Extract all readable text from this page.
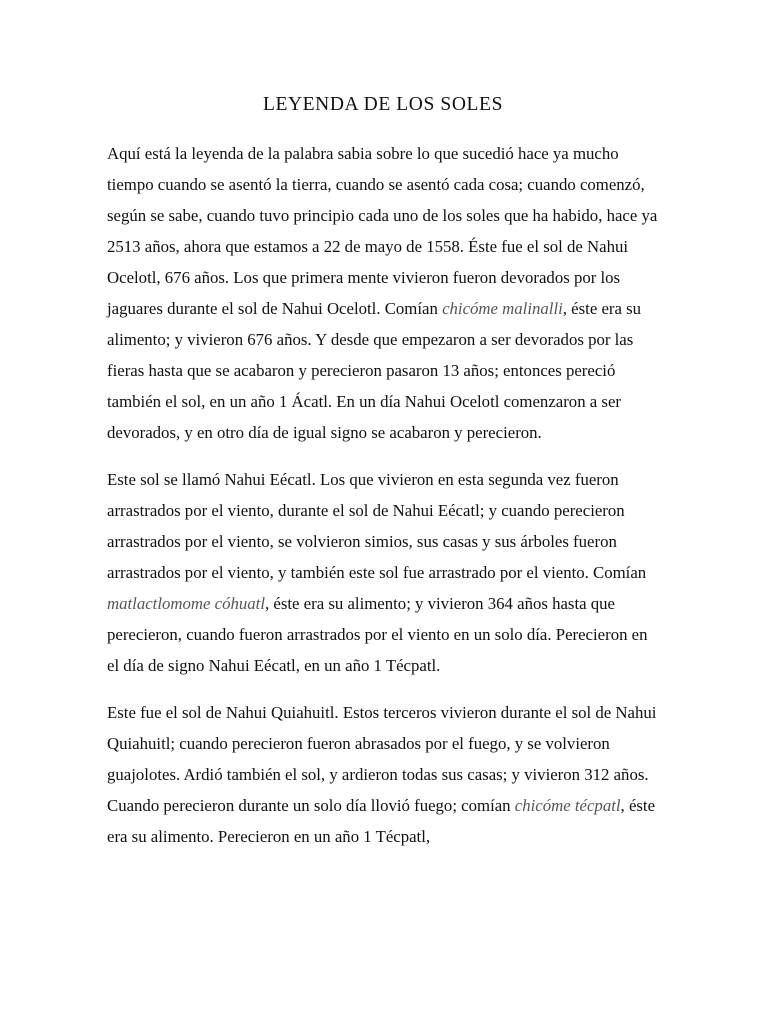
LEYENDA DE LOS SOLES

Aquí está la leyenda de la palabra sabia sobre lo que sucedió hace ya mucho tiempo cuando se asentó la tierra, cuando se asentó cada cosa; cuando comenzó, según se sabe, cuando tuvo principio cada uno de los soles que ha habido, hace ya 2513 años, ahora que estamos a 22 de mayo de 1558. Éste fue el sol de Nahui Ocelotl, 676 años. Los que primera mente vivieron fueron devorados por los jaguares durante el sol de Nahui Ocelotl. Comían chicóme malinalli, éste era su alimento; y vivieron 676 años. Y desde que empezaron a ser devorados por las fieras hasta que se acabaron y perecieron pasaron 13 años; entonces pereció también el sol, en un año 1 Ácatl. En un día Nahui Ocelotl comenzaron a ser devorados, y en otro día de igual signo se acabaron y perecieron.

Este sol se llamó Nahui Eécatl. Los que vivieron en esta segunda vez fueron arrastrados por el viento, durante el sol de Nahui Eécatl; y cuando perecieron arrastrados por el viento, se volvieron simios, sus casas y sus árboles fueron arrastrados por el viento, y también este sol fue arrastrado por el viento. Comían matlactlomome cóhuatl, éste era su alimento; y vivieron 364 años hasta que perecieron, cuando fueron arrastrados por el viento en un solo día. Perecieron en el día de signo Nahui Eécatl, en un año 1 Técpatl.

Este fue el sol de Nahui Quiahuitl. Estos terceros vivieron durante el sol de Nahui Quiahuitl; cuando perecieron fueron abrasados por el fuego, y se volvieron guajolotes. Ardió también el sol, y ardieron todas sus casas; y vivieron 312 años. Cuando perecieron durante un solo día llovió fuego; comían chicóme técpatl, éste era su alimento. Perecieron en un año 1 Técpatl,
